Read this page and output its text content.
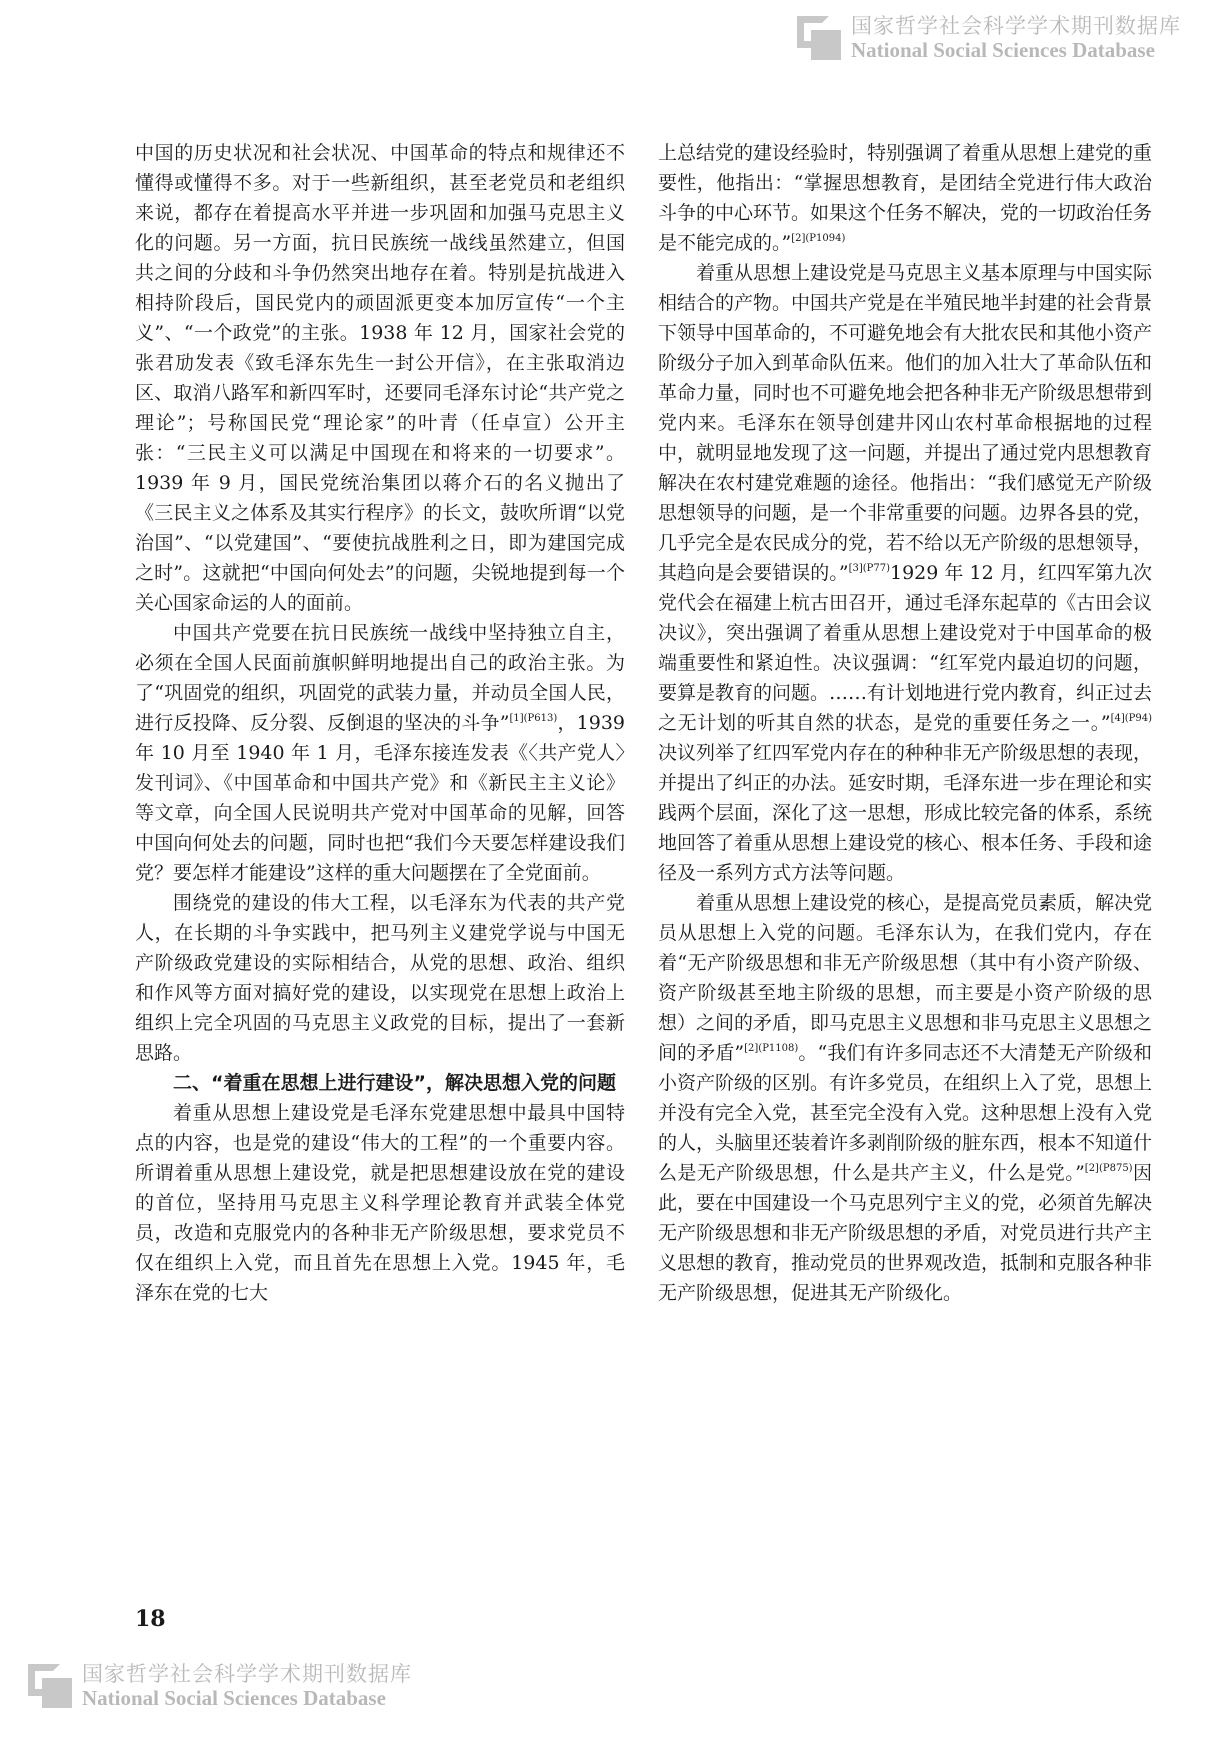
国家哲学社会科学学术期刊数据库
National Social Sciences Database

中国的历史状况和社会状况、中国革命的特点和规律还不懂得或懂得不多。对于一些新组织，甚至老党员和老组织来说，都存在着提高水平并进一步巩固和加强马克思主义化的问题。另一方面，抗日民族统一战线虽然建立，但国共之间的分歧和斗争仍然突出地存在着。特别是抗战进入相持阶段后，国民党内的顽固派更变本加厉宣传“一个主义”、“一个政党”的主张。1938 年 12 月，国家社会党的张君劢发表《致毛泽东先生一封公开信》，在主张取消边区、取消八路军和新四军时，还要同毛泽东讨论“共产党之理论”；号称国民党“理论家”的叶青（任卓宣）公开主张：“三民主义可以满足中国现在和将来的一切要求”。1939 年 9 月，国民党统治集团以蒋介石的名义抛出了《三民主义之体系及其实行程序》的长文，鼓吹所谓“以党治国”、“以党建国”、“要使抗战胜利之日，即为建国完成之时”。这就把“中国向何处去”的问题，尖锐地提到每一个关心国家命运的人的面前。

中国共产党要在抗日民族统一战线中坚持独立自主，必须在全国人民面前旗帜鲜明地提出自己的政治主张。为了“巩固党的组织，巩固党的武装力量，并动员全国人民，进行反投降、反分裂、反倒退的坚决的斗争”$^{[1](P613)}$，1939 年 10 月至 1940 年 1 月，毛泽东接连发表《〈共产党人〉发刊词》、《中国革命和中国共产党》和《新民主主义论》等文章，向全国人民说明共产党对中国革命的见解，回答中国向何处去的问题，同时也把“我们今天要怎样建设我们党？要怎样才能建设”这样的重大问题摆在了全党面前。

围绕党的建设的伟大工程，以毛泽东为代表的共产党人，在长期的斗争实践中，把马列主义建党学说与中国无产阶级政党建设的实际相结合，从党的思想、政治、组织和作风等方面对搞好党的建设，以实现党在思想上政治上组织上完全巩固的马克思主义政党的目标，提出了一套新思路。

二、“着重在思想上进行建设”，解决思想入党的问题

着重从思想上建设党是毛泽东党建思想中最具中国特点的内容，也是党的建设“伟大的工程”的一个重要内容。所谓着重从思想上建设党，就是把思想建设放在党的建设的首位，坚持用马克思主义科学理论教育并武装全体党员，改造和克服党内的各种非无产阶级思想，要求党员不仅在组织上入党，而且首先在思想上入党。1945 年，毛泽东在党的七大

上总结党的建设经验时，特别强调了着重从思想上建党的重要性，他指出：“掌握思想教育，是团结全党进行伟大政治斗争的中心环节。如果这个任务不解决，党的一切政治任务是不能完成的。”$^{[2](P1094)}$

着重从思想上建设党是马克思主义基本原理与中国实际相结合的产物。中国共产党是在半殖民地半封建的社会背景下领导中国革命的，不可避免地会有大批农民和其他小资产阶级分子加入到革命队伍来。他们的加入壮大了革命队伍和革命力量，同时也不可避免地会把各种非无产阶级思想带到党内来。毛泽东在领导创建井冈山农村革命根据地的过程中，就明显地发现了这一问题，并提出了通过党内思想教育解决在农村建党难题的途径。他指出：“我们感觉无产阶级思想领导的问题，是一个非常重要的问题。边界各县的党，几乎完全是农民成分的党，若不给以无产阶级的思想领导，其趋向是会要错误的。”$^{[3](P77)}$1929 年 12 月，红四军第九次党代会在福建上杭古田召开，通过毛泽东起草的《古田会议决议》，突出强调了着重从思想上建设党对于中国革命的极端重要性和紧迫性。决议强调：“红军党内最迫切的问题，要算是教育的问题。……有计划地进行党内教育，纠正过去之无计划的听其自然的状态，是党的重要任务之一。”$^{[4](P94)}$决议列举了红四军党内存在的种种非无产阶级思想的表现，并提出了纠正的办法。延安时期，毛泽东进一步在理论和实践两个层面，深化了这一思想，形成比较完备的体系，系统地回答了着重从思想上建设党的核心、根本任务、手段和途径及一系列方式方法等问题。

着重从思想上建设党的核心，是提高党员素质，解决党员从思想上入党的问题。毛泽东认为，在我们党内，存在着“无产阶级思想和非无产阶级思想（其中有小资产阶级、资产阶级甚至地主阶级的思想，而主要是小资产阶级的思想）之间的矛盾，即马克思主义思想和非马克思主义思想之间的矛盾”$^{[2](P1108)}$。“我们有许多同志还不大清楚无产阶级和小资产阶级的区别。有许多党员，在组织上入了党，思想上并没有完全入党，甚至完全没有入党。这种思想上没有入党的人，头脑里还装着许多剥削阶级的脏东西，根本不知道什么是无产阶级思想，什么是共产主义，什么是党。”$^{[2](P875)}$因此，要在中国建设一个马克思列宁主义的党，必须首先解决无产阶级思想和非无产阶级思想的矛盾，对党员进行共产主义思想的教育，推动党员的世界观改造，抵制和克服各种非无产阶级思想，促进其无产阶级化。

18
国家哲学社会科学学术期刊数据库
National Social Sciences Database
